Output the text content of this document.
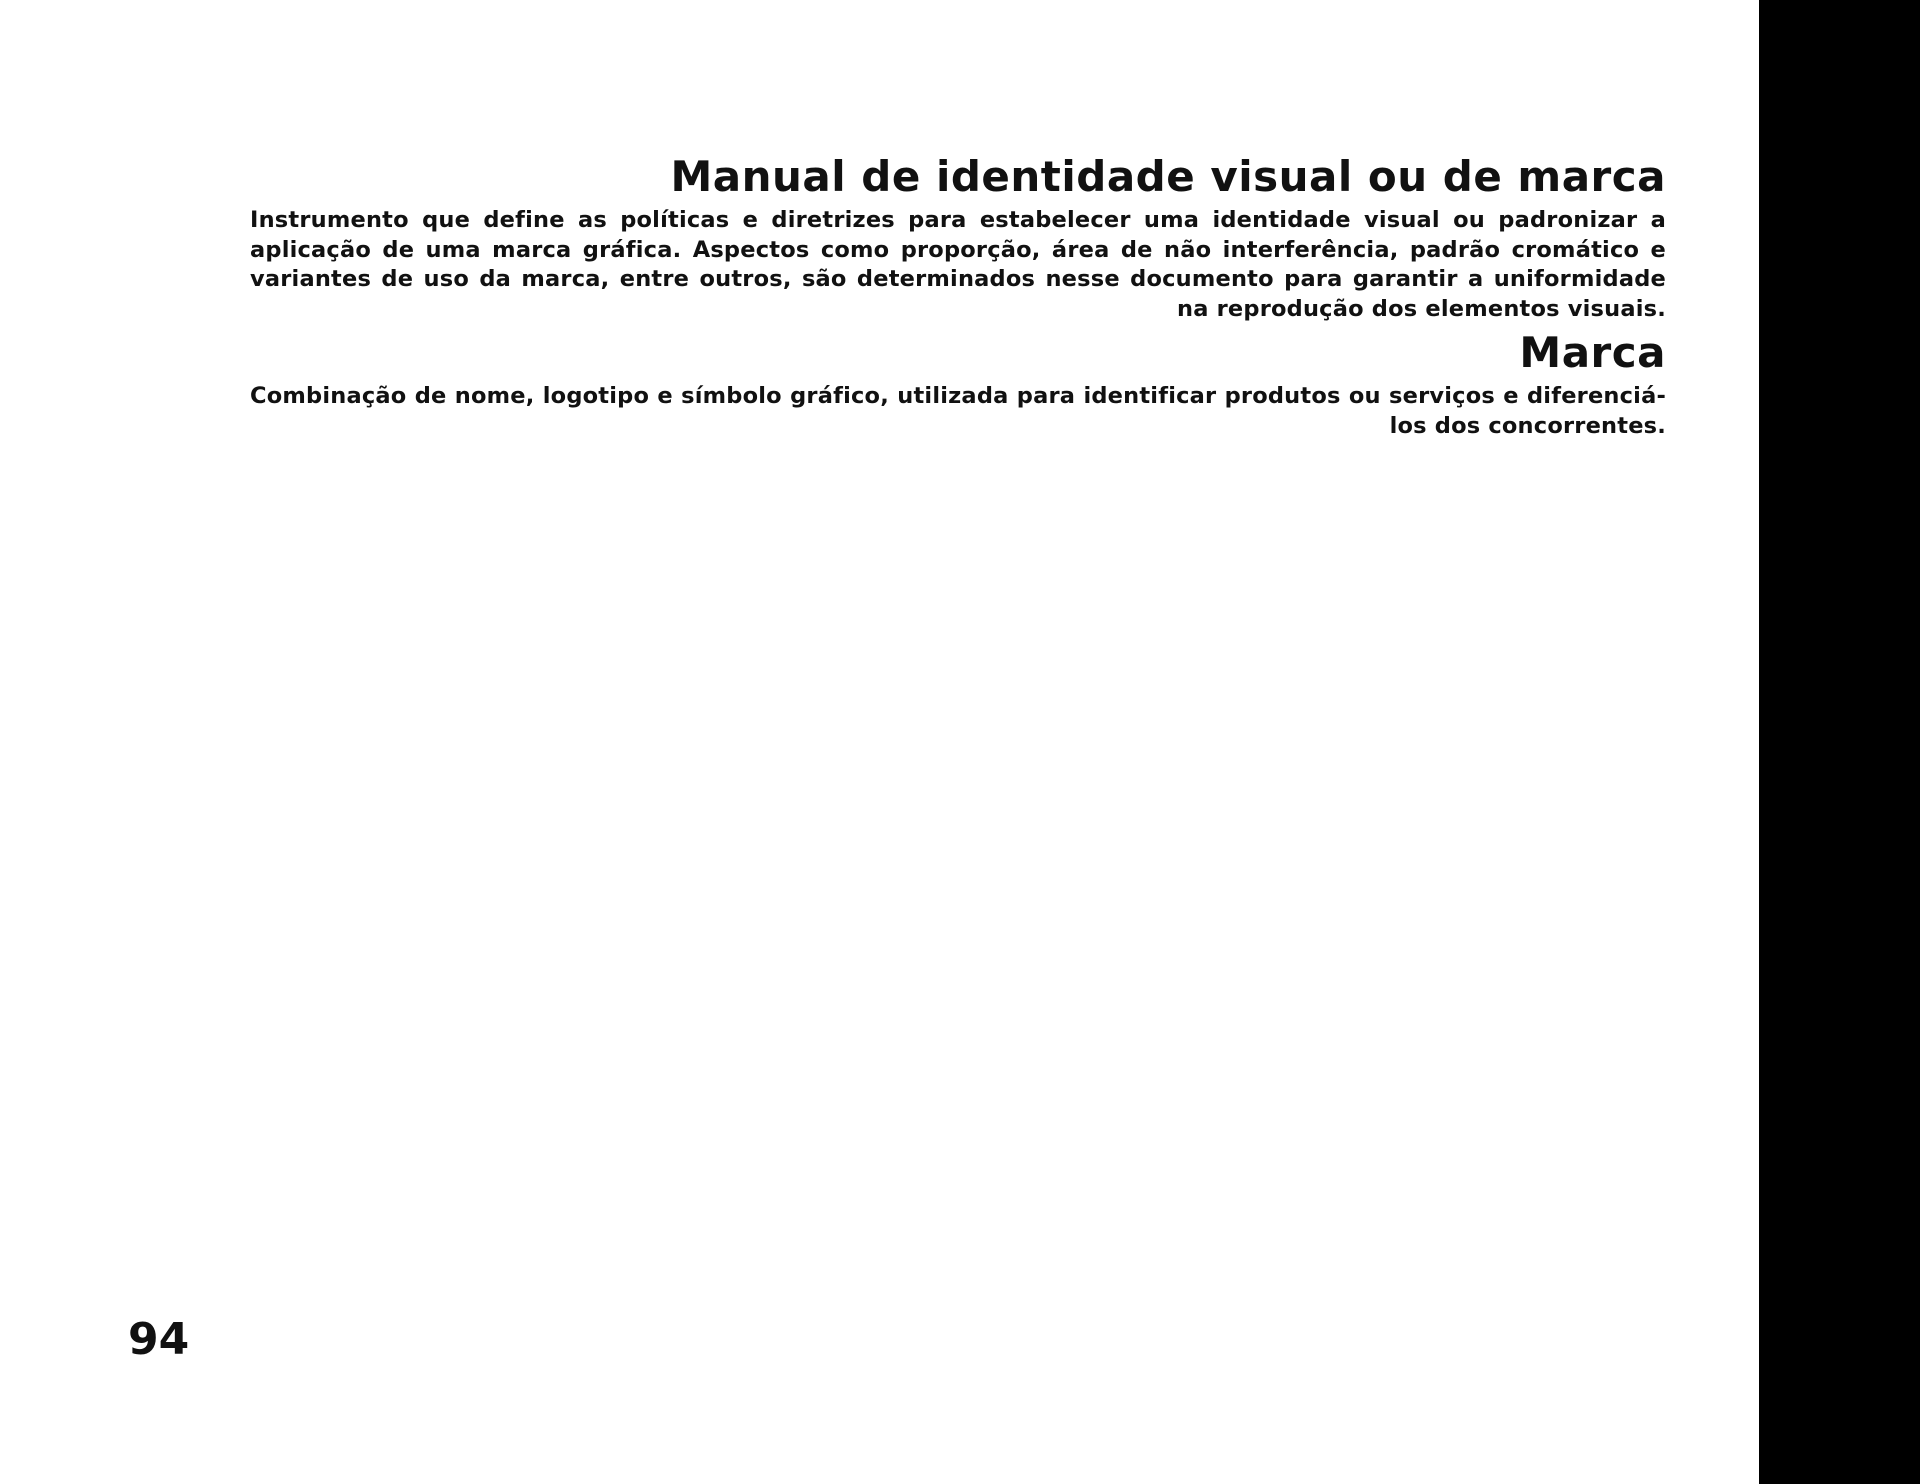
Manual de identidade visual ou de marca

Instrumento que define as políticas e diretrizes para estabelecer uma identidade visual ou padronizar a aplicação de uma marca gráfica. Aspectos como proporção, área de não interferência, padrão cromático e variantes de uso da marca, entre outros, são determinados nesse documento para garantir a uniformidade na reprodução dos elementos visuais.

Marca

Combinação de nome, logotipo e símbolo gráfico, utilizada para identificar produtos ou serviços e diferenciá-los dos concorrentes.

94
